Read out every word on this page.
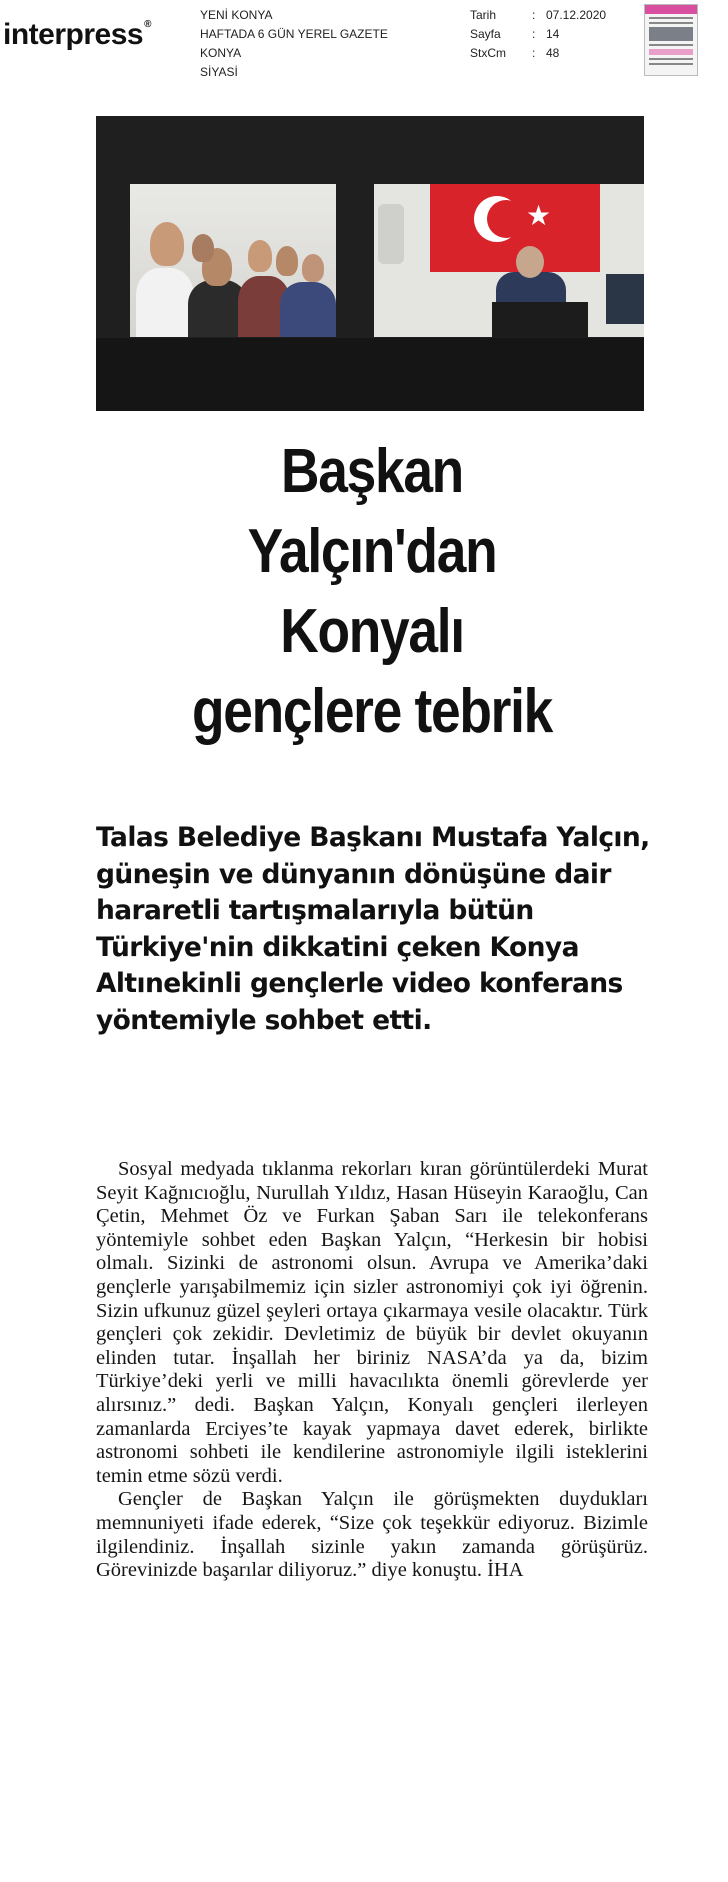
interpress®
YENİ KONYA
HAFTADA 6 GÜN YEREL GAZETE
KONYA
SİYASİ
Tarih	: 07.12.2020
Sayfa	: 14
StxCm	: 48
★
Başkan
Yalçın'dan
Konyalı
gençlere tebrik

Talas Belediye Başkanı Mustafa Yalçın, güneşin ve dünyanın dönüşüne dair hararetli tartışmalarıyla bütün Türkiye'nin dikkatini çeken Konya Altınekinli gençlerle video konferans yöntemiyle sohbet etti.

Sosyal medyada tıklanma rekorları kıran görüntülerdeki Murat Seyit Kağnıcıoğlu, Nurullah Yıldız, Hasan Hüseyin Karaoğlu, Can Çetin, Mehmet Öz ve Furkan Şaban Sarı ile telekonferans yöntemiyle sohbet eden Başkan Yalçın, “Herkesin bir hobisi olmalı. Sizinki de astronomi olsun. Avrupa ve Amerika’daki gençlerle yarışabilmemiz için sizler astronomiyi çok iyi öğrenin. Sizin ufkunuz güzel şeyleri ortaya çıkarmaya vesile olacaktır. Türk gençleri çok zekidir. Devletimiz de büyük bir devlet okuyanın elinden tutar. İnşallah her biriniz NASA’da ya da, bizim Türkiye’deki yerli ve milli havacılıkta önemli görevlerde yer alırsınız.” dedi. Başkan Yalçın, Konyalı gençleri ilerleyen zamanlarda Erciyes’te kayak yapmaya davet ederek, birlikte astronomi sohbeti ile kendilerine astronomiyle ilgili isteklerini temin etme sözü verdi.

Gençler de Başkan Yalçın ile görüşmekten duydukları memnuniyeti ifade ederek, “Size çok teşekkür ediyoruz. Bizimle ilgilendiniz. İnşallah sizinle yakın zamanda görüşürüz. Görevinizde başarılar diliyoruz.” diye konuştu. İHA
